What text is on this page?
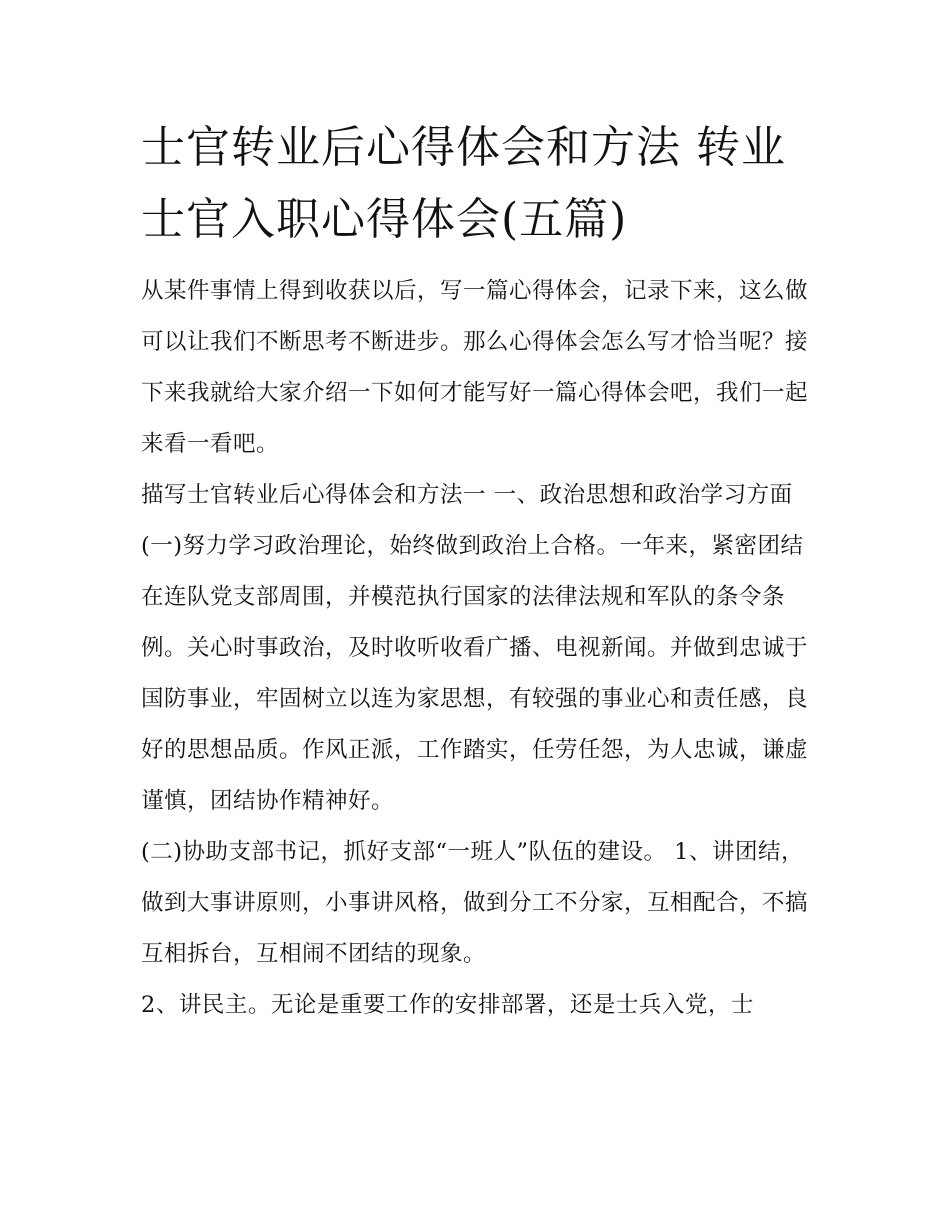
士官转业后心得体会和方法 转业士官入职心得体会(五篇)

从某件事情上得到收获以后，写一篇心得体会，记录下来，这么做可以让我们不断思考不断进步。那么心得体会怎么写才恰当呢？接下来我就给大家介绍一下如何才能写好一篇心得体会吧，我们一起来看一看吧。

描写士官转业后心得体会和方法一 一、政治思想和政治学习方面

(一)努力学习政治理论，始终做到政治上合格。一年来，紧密团结在连队党支部周围，并模范执行国家的法律法规和军队的条令条例。关心时事政治，及时收听收看广播、电视新闻。并做到忠诚于国防事业，牢固树立以连为家思想，有较强的事业心和责任感，良好的思想品质。作风正派，工作踏实，任劳任怨，为人忠诚，谦虚谨慎，团结协作精神好。

(二)协助支部书记，抓好支部“一班人”队伍的建设。 1、讲团结，做到大事讲原则，小事讲风格，做到分工不分家，互相配合，不搞互相拆台，互相闹不团结的现象。

2、讲民主。无论是重要工作的安排部署，还是士兵入党，士
